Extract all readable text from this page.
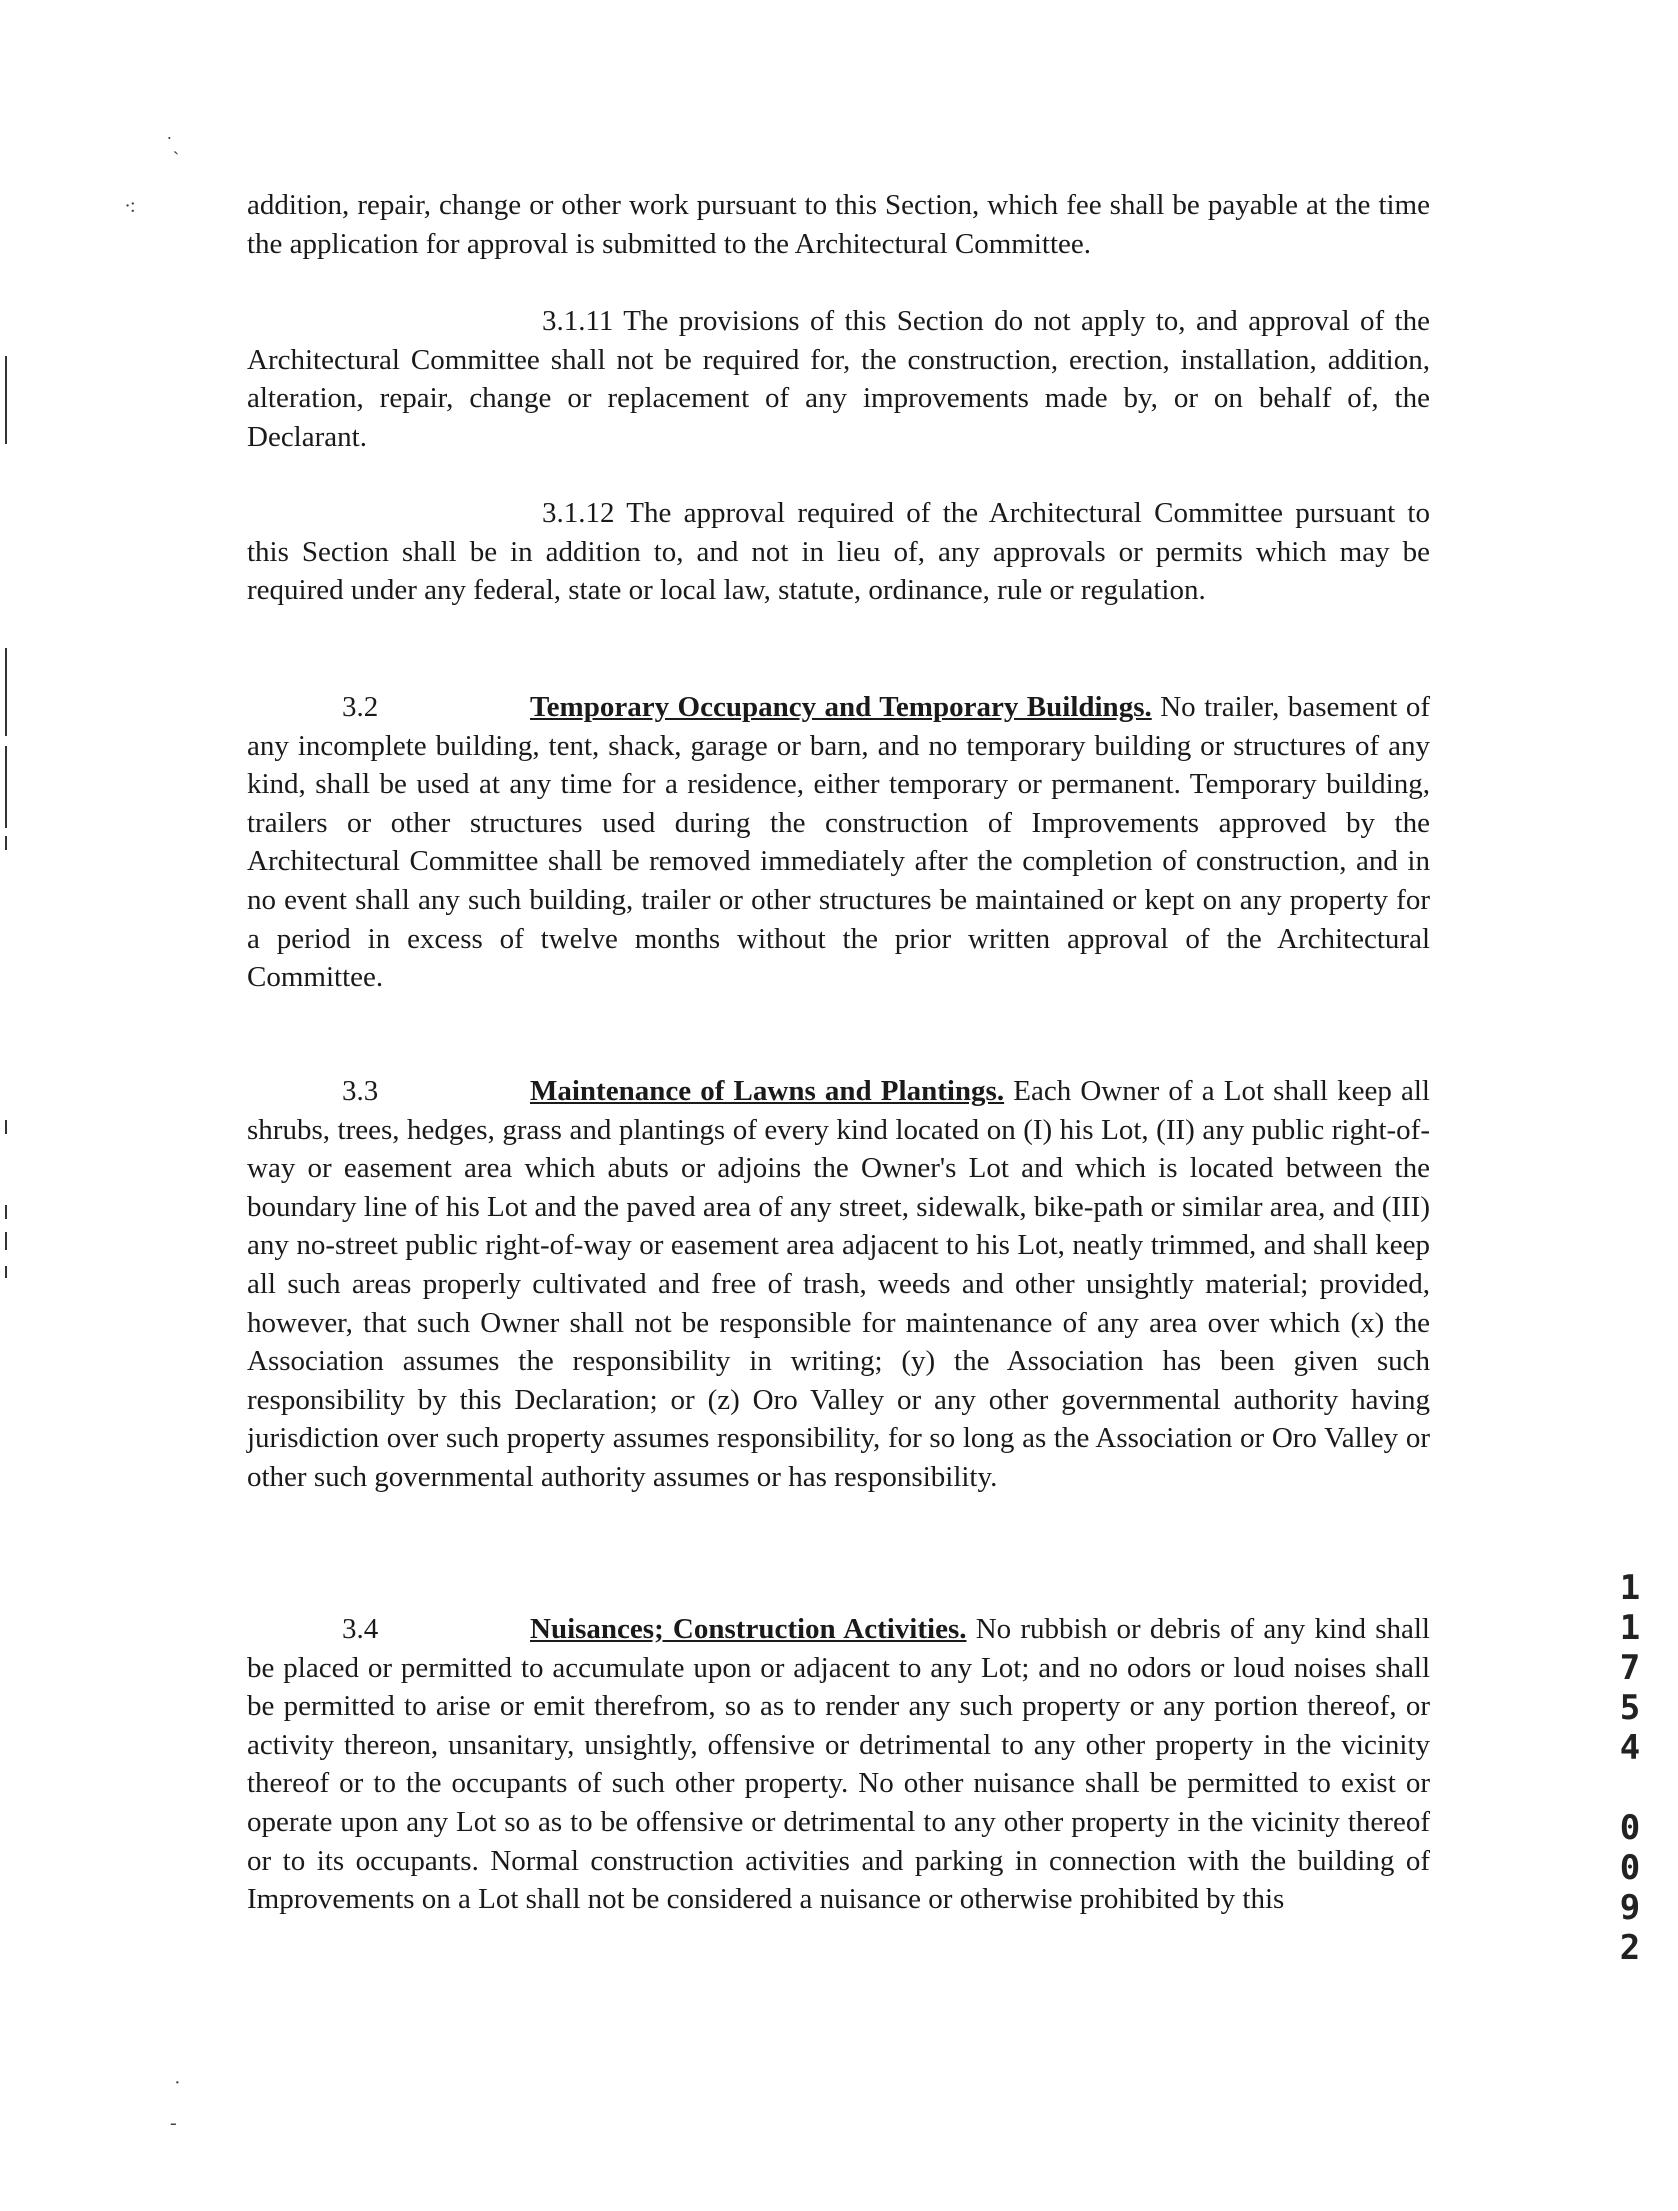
˙ˎ
∙:
·
-

addition, repair, change or other work pursuant to this Section, which fee shall be payable at the time the application for approval is submitted to the Architectural Committee.

3.1.11 The provisions of this Section do not apply to, and approval of the Architectural Committee shall not be required for, the construction, erection, installation, addition, alteration, repair, change or replacement of any improvements made by, or on behalf of, the Declarant.

3.1.12 The approval required of the Architectural Committee pursuant to this Section shall be in addition to, and not in lieu of, any approvals or permits which may be required under any federal, state or local law, statute, ordinance, rule or regulation.

3.2	Temporary Occupancy and Temporary Buildings. No trailer, basement of any incomplete building, tent, shack, garage or barn, and no temporary building or structures of any kind, shall be used at any time for a residence, either temporary or permanent. Temporary building, trailers or other structures used during the construction of Improvements approved by the Architectural Committee shall be removed immediately after the completion of construction, and in no event shall any such building, trailer or other structures be maintained or kept on any property for a period in excess of twelve months without the prior written approval of the Architectural Committee.

3.3	Maintenance of Lawns and Plantings. Each Owner of a Lot shall keep all shrubs, trees, hedges, grass and plantings of every kind located on (I) his Lot, (II) any public right-of-way or easement area which abuts or adjoins the Owner's Lot and which is located between the boundary line of his Lot and the paved area of any street, sidewalk, bike-path or similar area, and (III) any no-street public right-of-way or easement area adjacent to his Lot, neatly trimmed, and shall keep all such areas properly cultivated and free of trash, weeds and other unsightly material; provided, however, that such Owner shall not be responsible for maintenance of any area over which (x) the Association assumes the responsibility in writing; (y) the Association has been given such responsibility by this Declaration; or (z) Oro Valley or any other governmental authority having jurisdiction over such property assumes responsibility, for so long as the Association or Oro Valley or other such governmental authority assumes or has responsibility.

3.4	Nuisances; Construction Activities. No rubbish or debris of any kind shall be placed or permitted to accumulate upon or adjacent to any Lot; and no odors or loud noises shall be permitted to arise or emit therefrom, so as to render any such property or any portion thereof, or activity thereon, unsanitary, unsightly, offensive or detrimental to any other property in the vicinity thereof or to the occupants of such other property. No other nuisance shall be permitted to exist or operate upon any Lot so as to be offensive or detrimental to any other property in the vicinity thereof or to its occupants. Normal construction activities and parking in connection with the building of Improvements on a Lot shall not be considered a nuisance or otherwise prohibited by this

1
1
7
5
4
0
0
9
2
